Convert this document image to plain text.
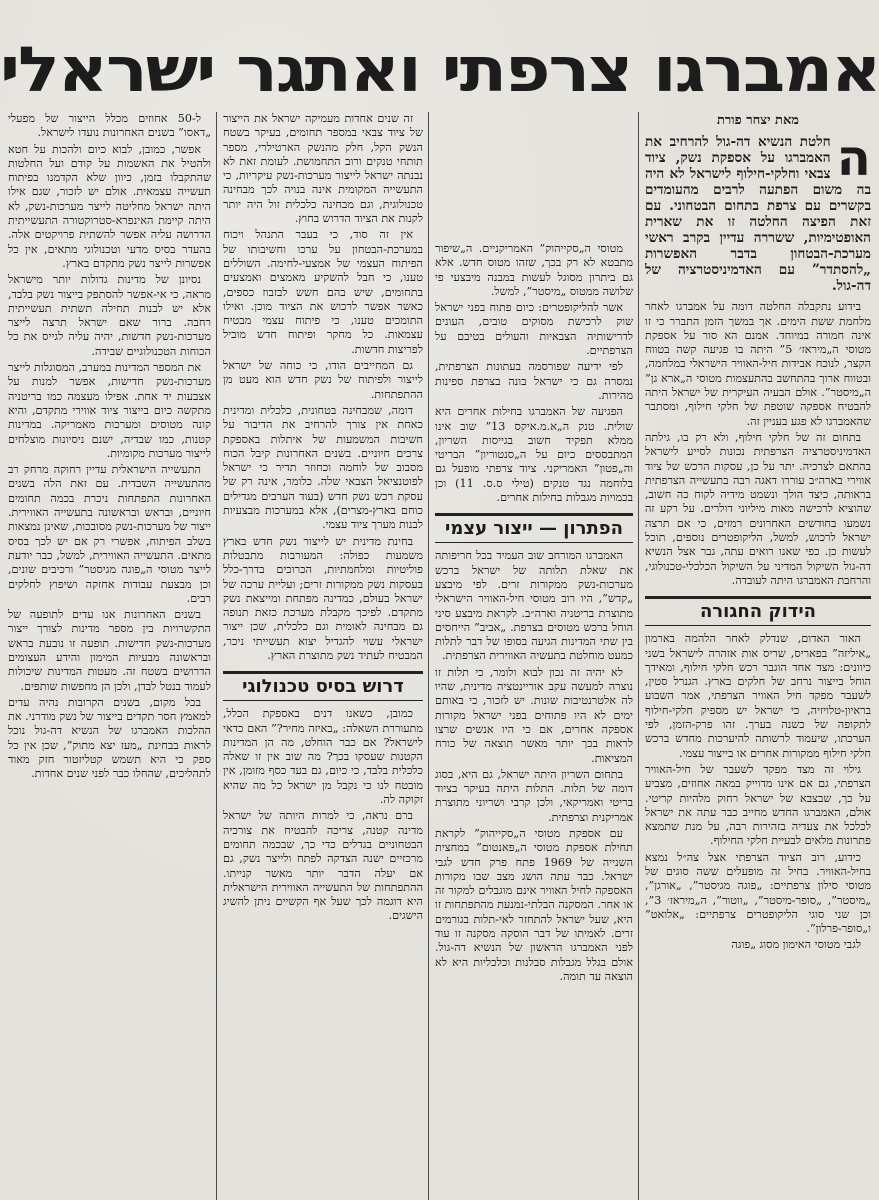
אמברגו צרפתי ואתגר ישראלי
מאת יצחר פורת
ה
חלטת הנשיא דה-גול להרחיב את האמברגו על אספקת נשק, ציוד צבאי וחלקי-חילוף לישראל לא היה בה משום הפתעה לרבים מהעומדים בקשרים עם צרפת בתחום הבטחוני. עם זאת הפיצה החלטה זו את שארית האופטימיות, ששררה עדיין בקרב ראשי מערכת-הבטחון בדבר האפשרות „להסתדר” עם האדמיניסטרציה של דה-גול.

בידוע נתקבלה החלטה דומה על אמברגו לאחר מלחמת ששת הימים. אך במשך הזמן התברר כי זו אינה חמורה במיוחד. אמנם הא סור על אספקת מטוסי ה„מיראז׳ 5” היתה בו פגיעה קשה בטווח הקצר, לנוכח אבידות חיל-האוויר הישראלי במלחמה, ובטווח ארוך בהתחשב בהתעצמות מטוסי ה„ארא גן” ה„מיסטר”. אולם הבעיה העיקרית של ישראל היתה להבטיח אספקה שוטפת של חלקי חילוף, ומסתבר שהאמברגו לא פגע בעניין זה.

בתחום זה של חלקי חילוף, ולא רק בו, גילתה האדמיניסטרציה הצרפתית נכונות לסייע לישראל בהתאם לצרכיה. יתר על כן, עסקות הרכש של ציוד אווירי בארה״ב עוררו דאגה רבה בתעשייה הצרפתית בראותה, כיצד הולך ונשמט מידיה לקוח כה חשוב, שהוציא לרכישה מאות מיליוני דולרים. על רקע זה נשמעו בחודשים האחרונים רמזים, כי אם תרצה ישראל לרכוש, למשל, הליקופטרים נוספים, תוכל לעשות כן. כפי שאנו רואים עתה, גבר אצל הנשיא דה-גול השיקול המדיני על השיקול הכלכלי-טכנולוגי, והרחבת האמברגו היתה לעובדה.

הידוק החגורה

האור האדום, שנדלק לאחר הלהמה בארמון „איליזה” בפאריס, שריס אות אזהרה לישראל בשני כיוונים: מצד אחד הוגבר רכש חלקי חילוף, ומאידך הוחל בייצור נרחב של חלקים בארץ. הגנרל סטין, לשעבר מפקד חיל האוויר הצרפתי, אמר השבוע בראיון-טלויזיה, כי ישראל יש מספיק חלקי-חילוף לתקופה של כשנה בערך. זהו פרק-הזמן, לפי הערכתו, שיעמוד לרשותה להיערכות מחדש ברכש חלקי חילוף ממקורות אחרים או בייצור עצמי.

גילוי זה מצד מפקד לשעבר של חיל-האוויר הצרפתי, גם אם אינו מדוייק במאה אחוזים, מצביע על כך, שבצבא של ישראל רחוק מלהיות קריטי. אולם, האמברגו החדש מחייב כבר עתה את ישראל לכלכל את צעדיה בזהירות רבה, על מנת שתמצא פתרונות מלאים לבעיית חלקי החילוף.

כידוע, רוב הציוד הצרפתי אצל צה״ל נמצא בחיל-האוויר. בחיל זה מופעלים ששה סוגים של מטוסי סילון צרפתיים: „פוגה מגיסטר”, „אורגן”, „מיסטר”, „סופר-מיסטר”, „ווטור”, ה„מיראז׳ 3”, וכן שני סוגי הליקופטרים צרפתיים: „אלואט” ו„סופר-פרלון”.

לגבי מטוסי האימון מסוג „פוגה

מטוסי ה„סקייהוק” האמריקניים. ה„שיפור מתבטא לא רק בכך, שזהו מטוס חדש. אלא גם ביתרון מסוגל לעשות במבנה מיבצעי פי שלושה ממטוס „מיסטר”, למשל.

אשר להליקופטרים: כיום פתוח בפני ישראל שוק לרכישת מסוקים טובים, העונים לדרישותיה הצבאיות והעולים בטיבם על הצרפתיים.

לפי ידיעה שפורסמה בעתונות הצרפתית, נמסרה גם כי ישראל בונה בצרפת ספינות מהירות.

הפגיעה של האמברגו בחילות אחרים היא שולית. טנק ה„א.מ.איקס 13” שוב אינו ממלא תפקיד חשוב בגייסות השריון, המתבססים כיום על ה„סנטוריון” הבריטי וה„פטון” האמריקני. ציוד צרפתי מופעל גם בלוחמה נגד טנקים (טילי ס.ס. 11) וכן בכמויות מגבלות בחילות אחרים.

הפתרון — ייצור עצמי

האמברגו המורחב שוב העמיד בכל חריפותה את שאלת תלותה של ישראל ברכש מערכות-נשק ממקורות זרים. לפי מיבצע „קדש”, היו רוב מטוסי חיל-האוויר הישראלי מתוצרת בריטניה וארה״ב. לקראת מיבצע סיני הוחל ברכש מטוסים בצרפת. „אביב” הייחסים בין שתי המדינות הגיעה בסופו של דבר לתלות כמעט מוחלטת בתעשיה האווירית הצרפתית.

לא יהיה זה נכון לבוא ולומר, כי תלות זו נוצרה למעשה עקב אוריינטציה מדינית, שהיו לה אלטרנטיבות שונות. יש לזכור, כי באותם ימים לא היו פתוחים בפני ישראל מקורות אספקה אחרים, אם כי היו אנשים שרצו לראות בכך יותר מאשר תוצאה של כורח המציאות.

בתחום השריון היתה ישראל, גם היא, בסוג דומה של תלות. התלות היתה בעיקר בציוד בריטי ואמריקאי, ולכן קרבי ושריוני מתוצרת אמריקנית וצרפתית.

עם אספקת מטוסי ה„סקייהוק” לקראת תחילת אספקת מטוסי ה„פאנטום” במחצית השנייה של 1969 פתח פרק חדש לגבי ישראל. כבר עתה הושג מצב שבו מקורות האספקה לחיל האוויר אינם מוגבלים למקור זה או אחר. המסקנה הבלתי-נמנעת מהתפתחות זו היא, שעל ישראל להתחזר לאי-תלות בגורמים זרים. לאמיתו של דבר הוסקה מסקנה זו עוד לפני האמברגו הראשון של הנשיא דה-גול. אולם בגלל מגבלות סבלנות וכלכליות היא לא הוצאה עד תומה.

זה שנים אחדות מעמיקה ישראל את הייצור של ציוד צבאי במספר תחומים, בעיקר בשטח הנשק הקל, חלק מהנשק הארטילרי, מספר תותחי טנקים ורוב התחמושת. לעומת זאת לא נבנתה ישראל לייצור מערכות-נשק עיקריות, כי התעשייה המקומית אינה בנויה לכך מבחינה טכנולוגית, וגם מבחינה כלכלית זול היה יותר לקנות את הציוד הדרוש בחוץ.

אין זה סוד, כי בעבר התנהל ויכוח במערכת-הבטחון על ערכו וחשיבותו של הפיתוח העצמי של אמצעי-לחימה. השוללים טענו, כי חבל להשקיע מאמצים ואמצעים בתחומים, שיש בהם חשש לבזבוז כספים, כאשר אפשר לרכוש את הציוד מוכן. ואילו התומכים טענו, כי פיתוח עצמי מבטיח עצמאות. כל מחקר ופיתוח חדש מוביל לפריצות חדשות.

גם המחייבים הודו, כי כוחה של ישראל לייצור ולפיתוח של נשק חדש הוא מעט מן ההתפתחות.

דומה, שמבחינה בטחונית, כלכלית ומדינית כאחת אין צורך להרחיב את הדיבור על חשיבות המשמעות של איתלות באספקת צרכים חיוניים. בשנים האחרונות קיבל הכוח מסבוב של לוחמה וכחוזר תדיר כי ישראל לפוטנציאל הצבאי שלה. כלומר, אינה רק של עסקת רכש נשק חדש (בעוד הערבים מגדילים כוחם בארץ-מצרים), אלא במערכות מבצעיות לבנות מערך ציוד עצמי.

בחינת מדינית יש לייצור נשק חדש בארץ משמעות כפולה: המעורבות מתבטלות פוליטיות ומלחמתיות, הכרוכים בדרך-כלל בעסקות נשק ממקורות זרים; ועליית ערכה של ישראל בעולם, כמדינה מפתחת ומייצאת נשק מתקדם. לפיכך מקבלת מערכת כזאת תנופה גם מבחינה לאומית וגם כלכלית, שכן ייצור ישראלי עשוי להגדיל יצוא תעשייתי ניכר, המבטיח לעתיד נשק מתוצרת הארץ.

דרוש בסיס טכנולוגי

כמובן, כשאנו דנים באספקת הכלל, מתעוררת השאלה: „באיזה מחיר?” האם כדאי לישראל? אם כבר הוחלט, מה הן המדינות הקטנות שעסקו בכך? מה שוב אין זו שאלה כלכלית בלבד, כי כיום, גם בעד כסף מזומן, אין מובטח לנו כי נקבל מן ישראל כל מה שהיא זקוקה לה.

ברם נראה, כי למרות היותה של ישראל מדינה קטנה, צריכה להבטיח את צורכיה הבטחוניים בגדלים כדי כך, שבכמה תחומים מרכזיים ישנה הצדקה לפתח ולייצר נשק, גם אם יעלה הדבר יותר מאשר קנייתו. ההתפתחות של התעשייה האווירית הישראלית היא דוגמה לכך שעל אף הקשיים ניתן להשיג הישגים.

ל-50 אחוזים מכלל הייצור של מפעלי „דאסו” בשנים האחרונות נועדו לישראל.

אפשר, כמובן, לבוא כיום ולהכות על חטא ולהטיל את האשמות על קודם ועל החלטות שהתקבלו בזמן, כיוון שלא הקדמנו בפיתוח תעשייה עצמאית. אולם יש לזכור, שגם אילו היתה ישראל מחליטה לייצר מערכות-נשק, לא היתה קיימת האינפרא-סטרוקטורה התעשייתית הדרושה עליה אפשר להשתית פרויקטים אלה. בהעדר בסיס מדעי וטכנולוגי מתאים, אין כל אפשרות לייצר נשק מתקדם בארץ.

נסיונן של מדינות גדולות יותר מישראל מראה, כי אי-אפשר להסתפק בייצור נשק בלבד, אלא יש לבנות תחילה תשתית תעשייתית רחבה. ברור שאם ישראל תרצה לייצר מערכות-נשק חדשות, יהיה עליה לגייס את כל הכוחות הטכנולוגיים שבידה.

את המספר המדינות במערב, המסוגלות לייצר מערכות-נשק חדישות, אפשר למנות על אצבעות יד אחת. אפילו מעצמה כמו בריטניה מתקשה כיום בייצור ציוד אווירי מתקדם, והיא קונה מטוסים ומערכות מאמריקה. במדינות קטנות, כמו שבדיה, ישנם ניסיונות מוצלחים לייצור מערכות מקומיות.

התעשייה הישראלית עדיין רחוקה מרחק רב מהתעשייה השבדית. עם זאת הלה בשנים האחרונות התפתחות ניכרת בכמה תחומים חיוניים, ובראש ובראשונה בתעשייה האווירית. ייצור של מערכות-נשק מסובכות, שאינן נמצאות בשלב הפיתוח, אפשרי רק אם יש לכך בסיס מתאים. התעשייה האווירית, למשל, כבר יודעת לייצר מטוסי ה„פוגה מגיסטר” ורכיבים שונים, וכן מבצעת עבודות אחזקה ושיפוץ לחלקים רבים.

בשנים האחרונות אנו עדים לתופעה של התקשרויות בין מספר מדינות לצורך ייצור מערכות-נשק חדישות. תופעה זו נובעת בראש ובראשונה מבעיות המימון והידע העצומים הדרושים בשטח זה. מעטות המדינות שיכולות לעמוד בנטל לבדן, ולכן הן מחפשות שותפים.

בכל מקום, בשנים הקרובות נהיה עדים למאמץ חסר תקדים בייצור של נשק מודרני. את ההלכות האמברגו של הנשיא דה-גול נוכל לראות בבחינת „מעז יצא מתוק”, שכן אין כל ספק כי היא תשמש קטליזטור חזק מאוד לתהליכים, שהחלו כבר לפני שנים אחדות.
